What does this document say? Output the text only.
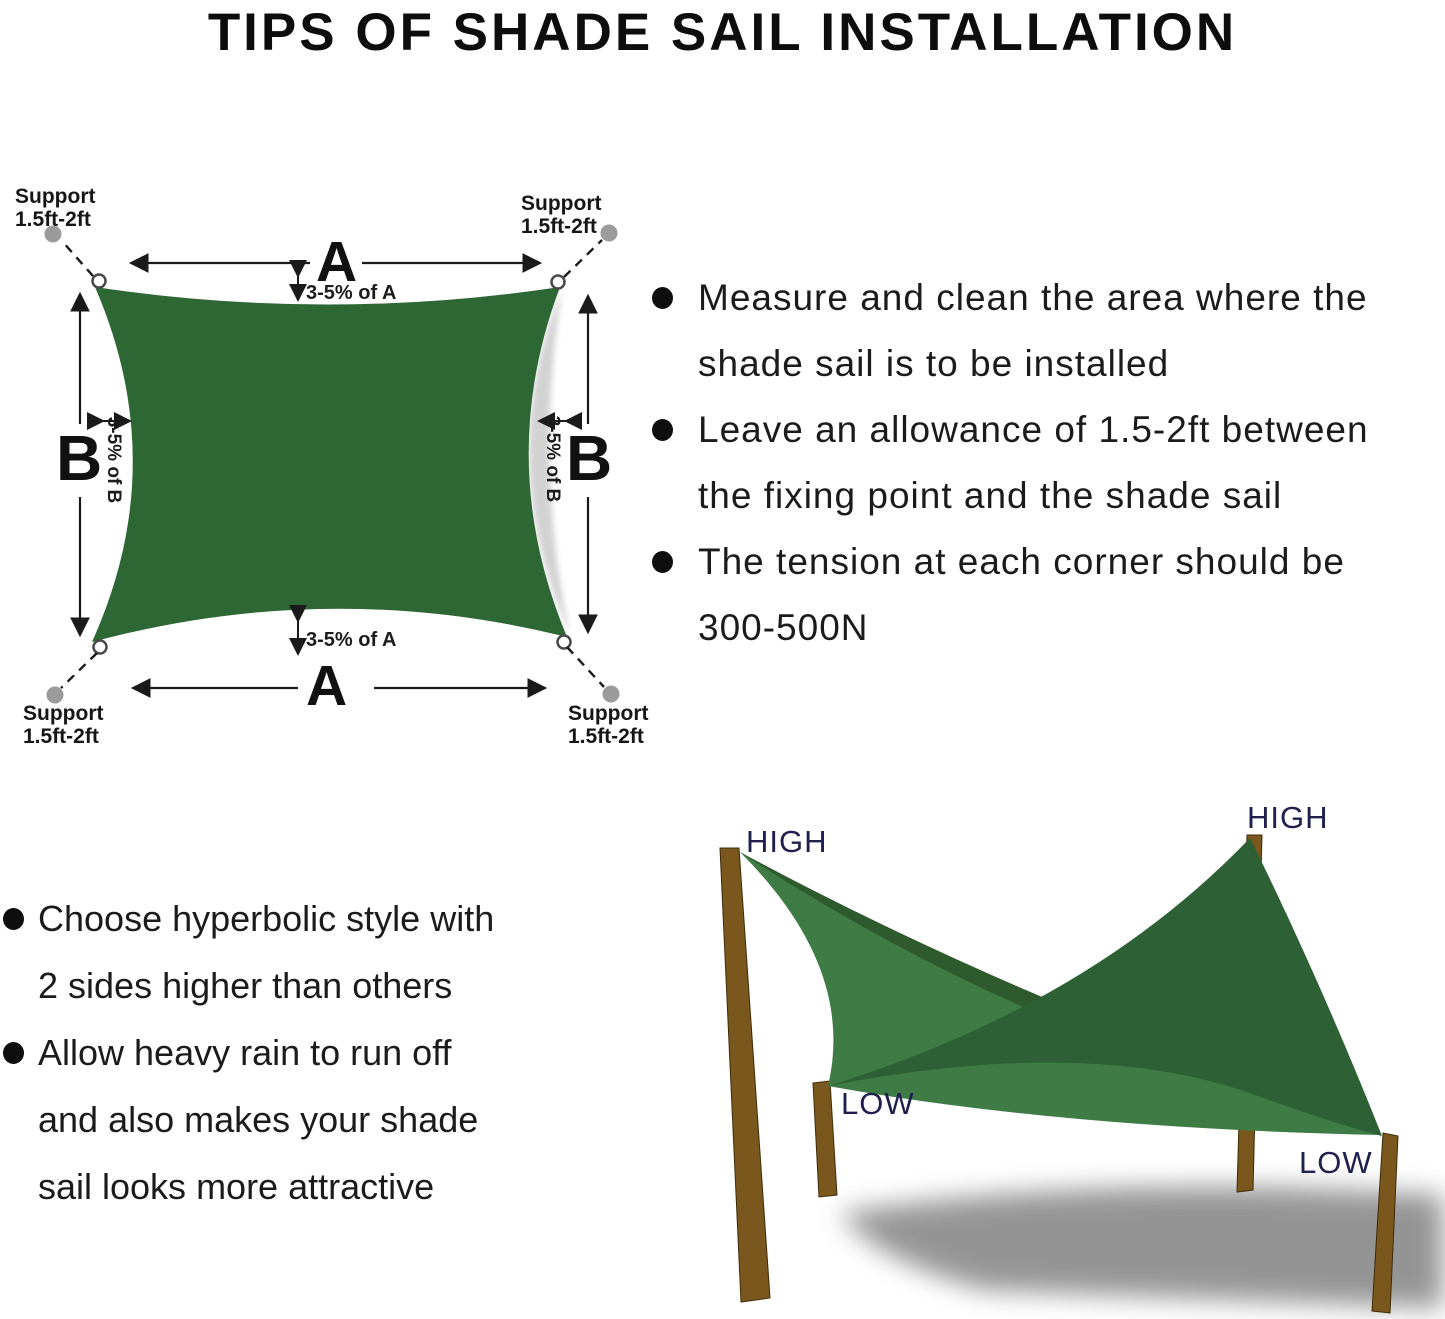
TIPS OF SHADE SAIL INSTALLATION
Support
1.5ft-2ft
Support
1.5ft-2ft
Support
1.5ft-2ft
Support
1.5ft-2ft
A
A
B	B
3-5% of A
3-5% of A
3-5% of B	3-5% of B
Measure and clean the area where the
shade sail is to be installed
Leave an allowance of 1.5-2ft between
the fixing point and the shade sail
The tension at each corner should be
300-500N
Choose hyperbolic style with
2 sides higher than others
Allow heavy rain to run off
and also makes your shade
sail looks more attractive
HIGH
HIGH
LOW
LOW
